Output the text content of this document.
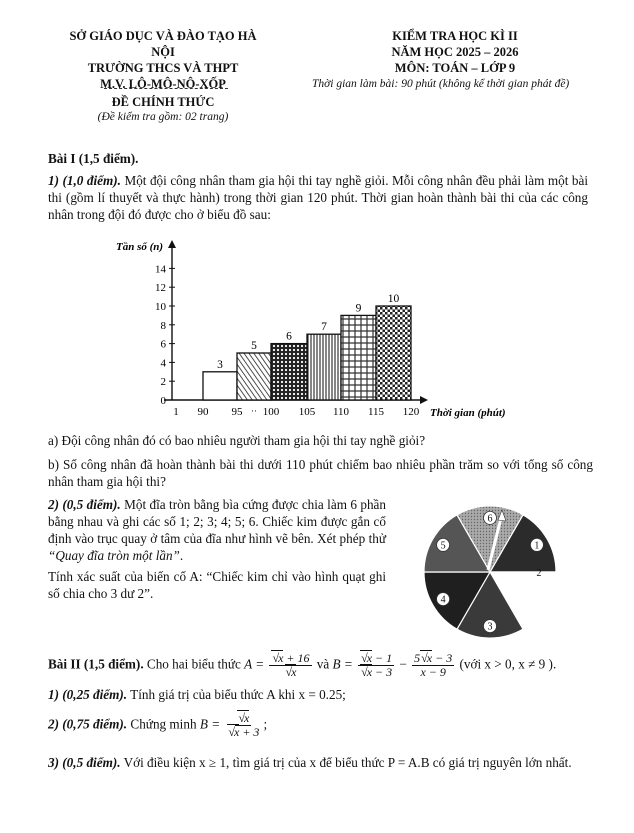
SỞ GIÁO DỤC VÀ ĐÀO TẠO HÀ NỘI
TRƯỜNG THCS VÀ THPT
M.V. LÔ-MÔ-NÔ-XỐP
ĐỀ CHÍNH THỨC
(Đề kiểm tra gồm: 02 trang)
KIỂM TRA HỌC KÌ II
NĂM HỌC 2025 – 2026
MÔN: TOÁN – LỚP 9
Thời gian làm bài: 90 phút (không kể thời gian phát đề)
Bài I (1,5 điểm).
1) (1,0 điểm). Một đội công nhân tham gia hội thi tay nghề giỏi. Mỗi công nhân đều phải làm một bài thi (gồm lí thuyết và thực hành) trong thời gian 120 phút. Thời gian hoàn thành bài thi của các công nhân trong đội đó được cho ở biểu đồ sau:
Tần số (n)
Thời gian (phút)
3
5
6
7
9
10
0
2
4
6
8
10
12
14
1 90 95 100 105 110 115 120
··
a) Đội công nhân đó có bao nhiêu người tham gia hội thi tay nghề giỏi?
b) Số công nhân đã hoàn thành bài thi dưới 110 phút chiếm bao nhiêu phần trăm so với tổng số công nhân tham gia hội thi?
2) (0,5 điểm). Một đĩa tròn bằng bìa cứng được chia làm 6 phần bằng nhau và ghi các số 1; 2; 3; 4; 5; 6. Chiếc kim được gắn cố định vào trục quay ở tâm của đĩa như hình vẽ bên. Xét phép thử “Quay đĩa tròn một lần”.
Tính xác suất của biến cố A: “Chiếc kim chỉ vào hình quạt ghi số chia cho 3 dư 2”.
1
2
3
4
5
6
Bài II (1,5 điểm). Cho hai biểu thức A = √ x + 16
√ x và B = √ x − 1
√ $x - 3 - \frac{5 √ x - 3}{x - 9}$ (với x > 0, x ≠ 9 ).
1) (0,25 điểm). Tính giá trị của biểu thức A khi x = 0.25;
2) (0,75 điểm). Chứng minh B = √ x
√ x + 3 ;
3) (0,5 điểm). Với điều kiện x ≥ 1, tìm giá trị của x để biểu thức P = A.B có giá trị nguyên lớn nhất.
